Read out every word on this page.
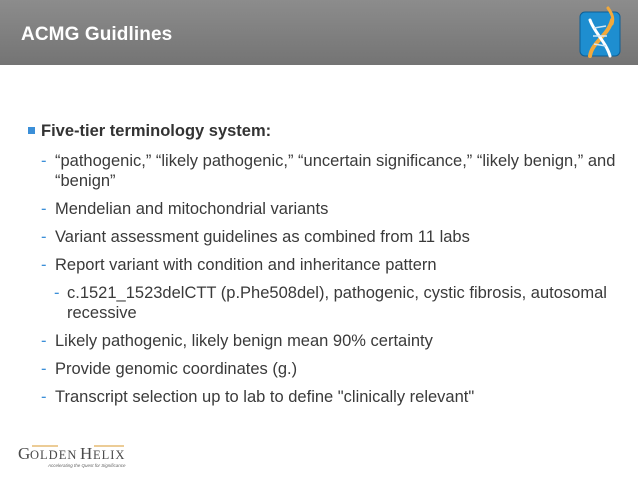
ACMG Guidlines
Five-tier terminology system:
- “pathogenic,” “likely pathogenic,” “uncertain significance,” “likely benign,” and “benign”
- Mendelian and mitochondrial variants
- Variant assessment guidelines as combined from 11 labs
- Report variant with condition and inheritance pattern
- c.1521_1523delCTT (p.Phe508del), pathogenic, cystic fibrosis, autosomal recessive
- Likely pathogenic, likely benign mean 90% certainty
- Provide genomic coordinates (g.)
- Transcript selection up to lab to define "clinically relevant"
G OLDEN H ELIX
Accelerating the Quest for Significance
